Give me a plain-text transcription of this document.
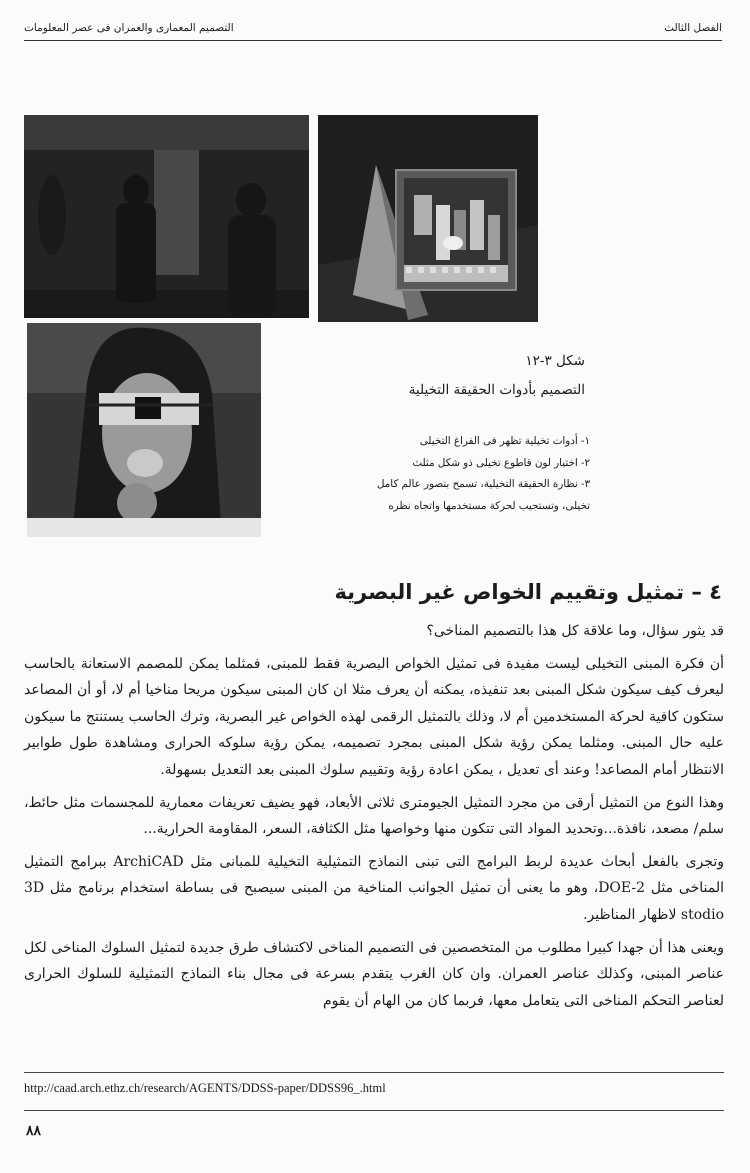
الفصل الثالث
التصميم المعمارى والعمران فى عصر المعلومات
شكل ٣-١٢
التصميم بأدوات الحقيقة التخيلية
١- أدوات تخيلية تظهر فى الفراغ التخيلى
٢- اختيار لون قاطوع تخيلى ذو شكل مثلث
٣- نظارة الحقيقة التخيلية، تسمح بتصور عالم كامل
تخيلى، وتستجيب لحركة مستخدمها واتجاه نظره
٤ – تمثيل وتقييم الخواص غير البصرية

قد يثور سؤال، وما علاقة كل هذا بالتصميم المناخى؟

أن فكرة المبنى التخيلى ليست مفيدة فى تمثيل الخواص البصرية فقط للمبنى، فمثلما يمكن للمصمم الاستعانة بالحاسب ليعرف كيف سيكون شكل المبنى بعد تنفيذه، يمكنه أن يعرف مثلا ان كان المبنى سيكون مريحا مناخيا أم لا، أو أن المصاعد ستكون كافية لحركة المستخدمين أم لا، وذلك بالتمثيل الرقمى لهذه الخواص غير البصرية، وترك الحاسب يستنتج ما سيكون عليه حال المبنى. ومثلما يمكن رؤية شكل المبنى بمجرد تصميمه، يمكن رؤية سلوكه الحرارى ومشاهدة طول طوابير الانتظار أمام المصاعد! وعند أى تعديل ، يمكن اعادة رؤية وتقييم سلوك المبنى بعد التعديل بسهولة.

وهذا النوع من التمثيل أرقى من مجرد التمثيل الجيومترى ثلاثى الأبعاد، فهو يضيف تعريفات معمارية للمجسمات مثل حائط، سلم/ مصعد، نافذة...وتحديد المواد التى تتكون منها وخواصها مثل الكثافة، السعر، المقاومة الحرارية...

وتجرى بالفعل أبحاث عديدة لربط البرامج التى تبنى النماذج التمثيلية التخيلية للمبانى مثل ArchiCAD ببرامج التمثيل المناخى مثل DOE-2، وهو ما يعنى أن تمثيل الجوانب المناخية من المبنى سيصبح فى بساطة استخدام برنامج مثل 3D stodio لاظهار المناظير.

ويعنى هذا أن جهدا كبيرا مطلوب من المتخصصين فى التصميم المناخى لاكتشاف طرق جديدة لتمثيل السلوك المناخى لكل عناصر المبنى، وكذلك عناصر العمران. وان كان الغرب يتقدم بسرعة فى مجال بناء النماذج التمثيلية للسلوك الحرارى لعناصر التحكم المناخى التى يتعامل معها، فربما كان من الهام أن يقوم

http://caad.arch.ethz.ch/research/AGENTS/DDSS-paper/DDSS96_.html
٨٨
